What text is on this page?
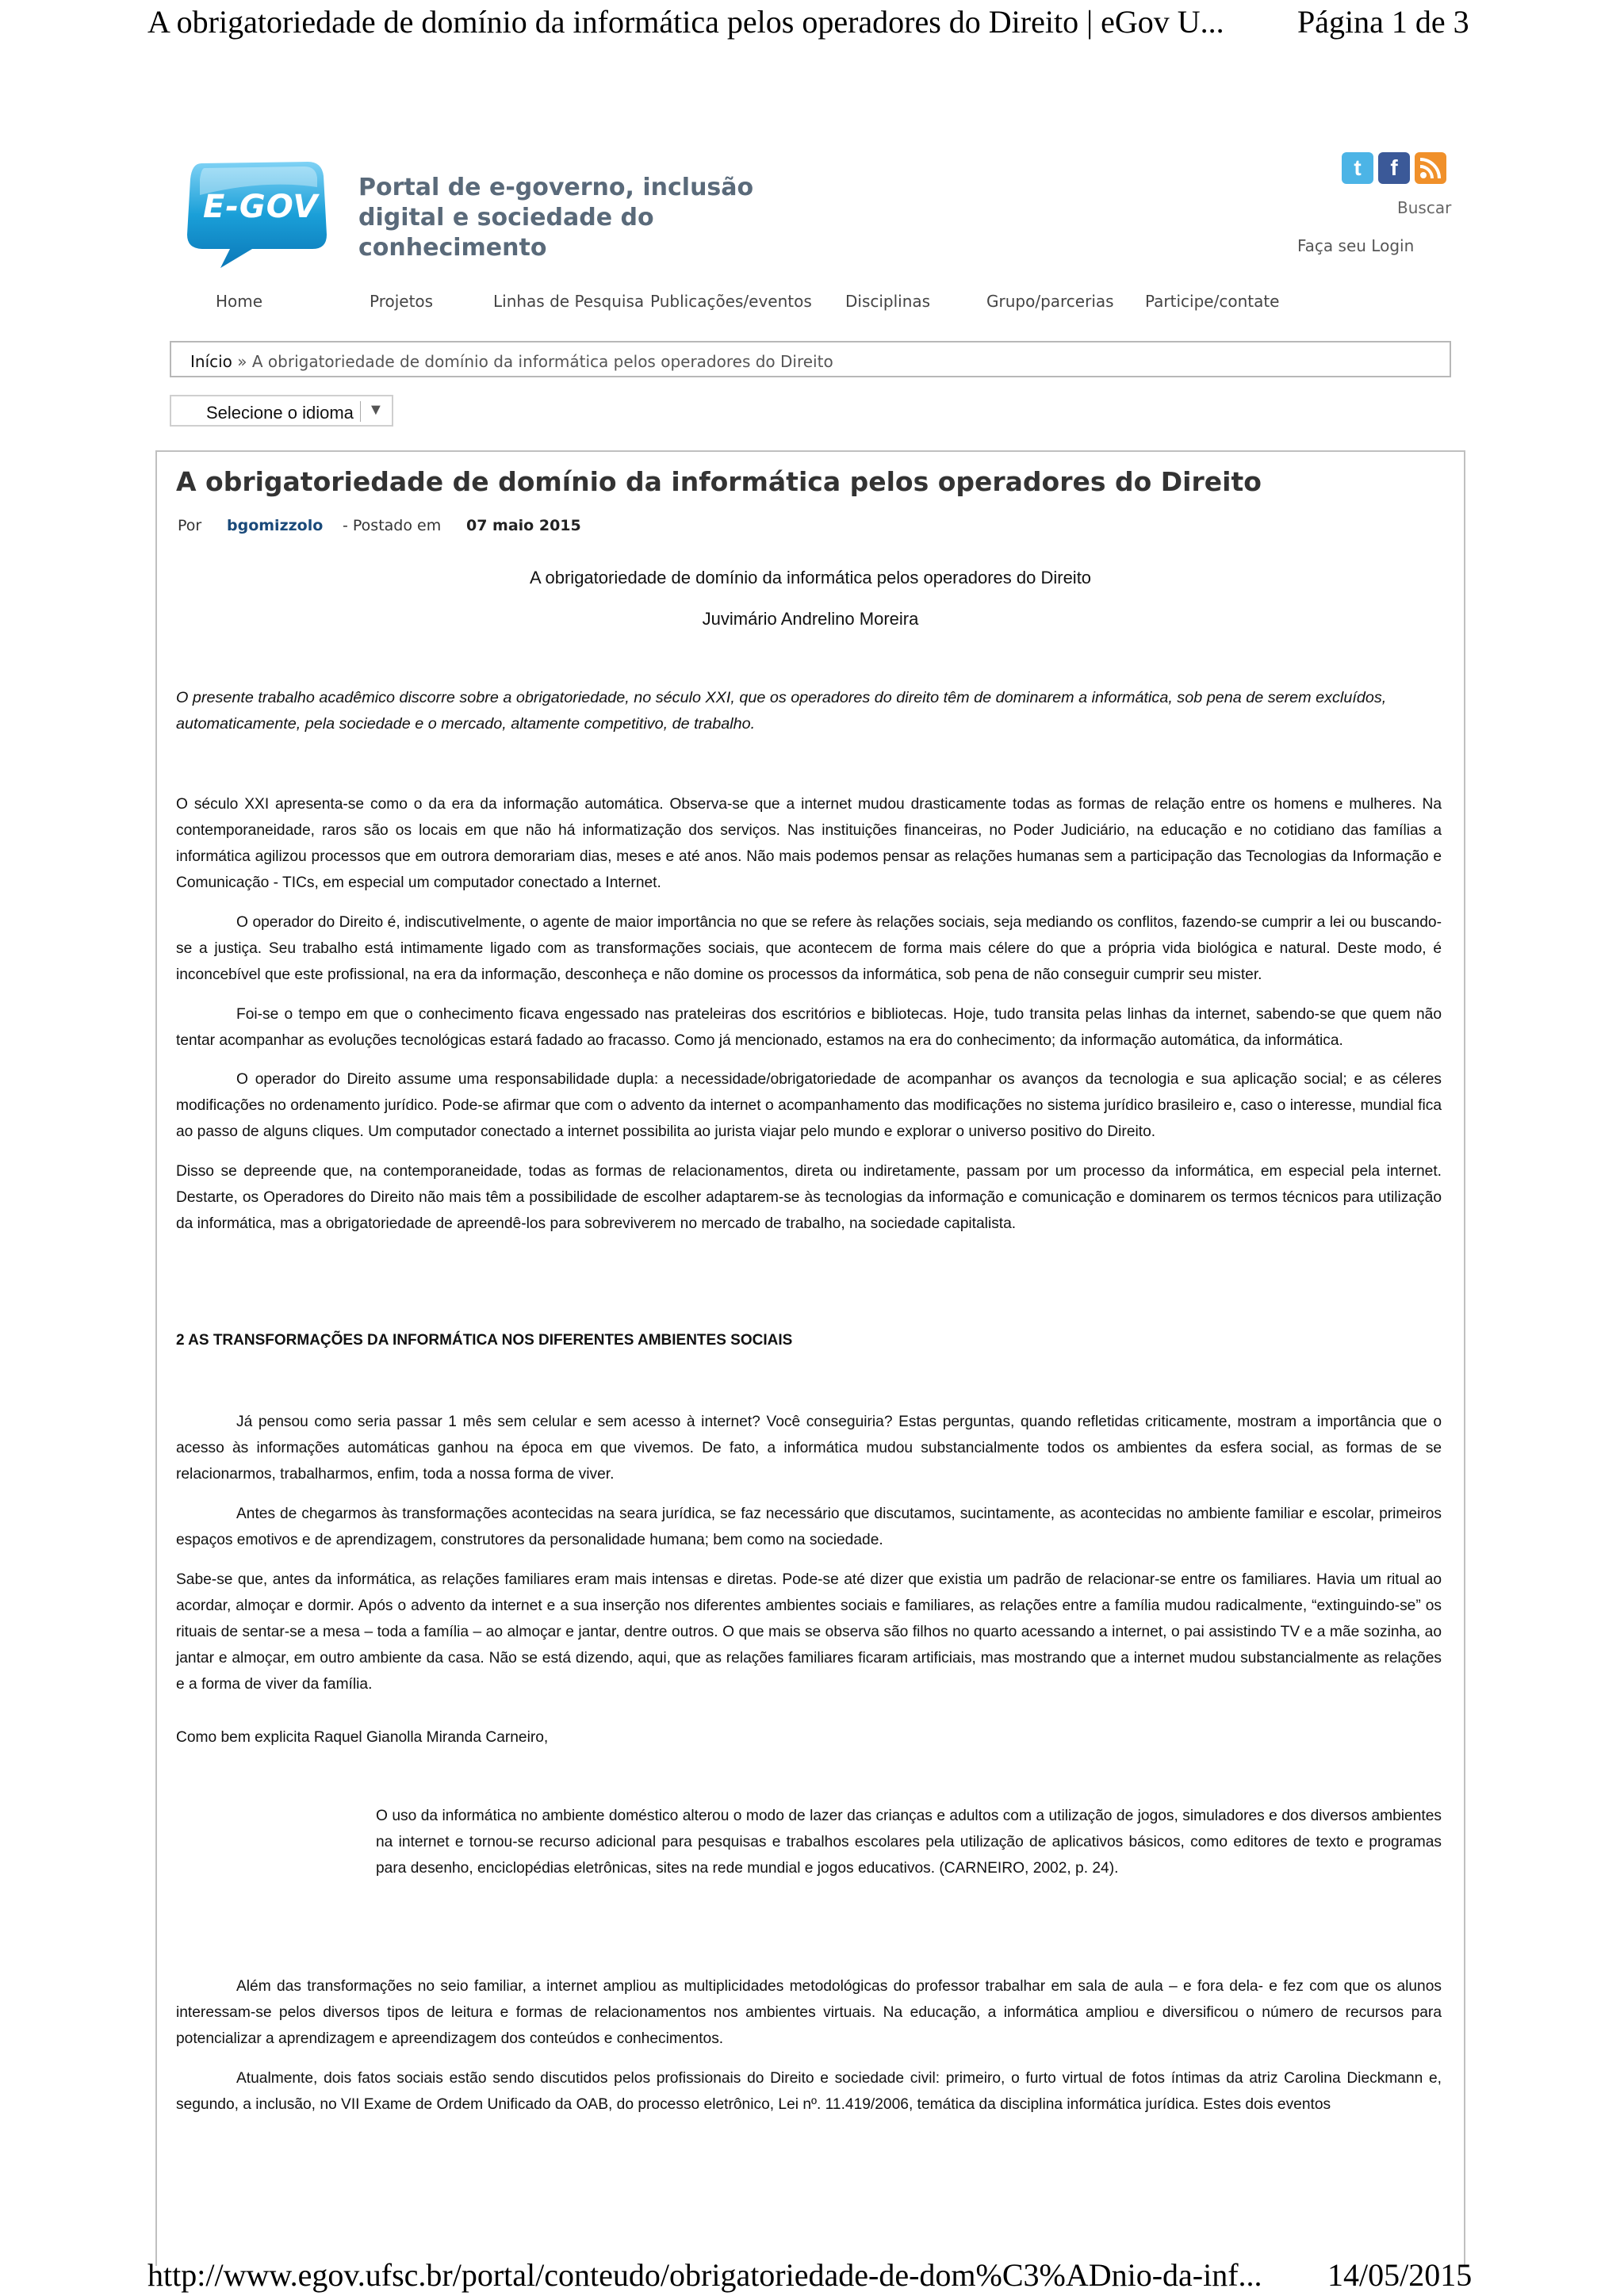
A obrigatoriedade de domínio da informática pelos operadores do Direito | eGov U... Página 1 de 3
E-GOV
Portal de e-governo, inclusão digital e sociedade do conhecimento
t	f
Buscar
Faça seu Login
Home	Projetos	Linhas de Pesquisa Publicações/eventos Disciplinas	Grupo/parcerias Participe/contate
Início » A obrigatoriedade de domínio da informática pelos operadores do Direito
Selecione o idioma ▼
A obrigatoriedade de domínio da informática pelos operadores do Direito
Por bgomizzolo - Postado em 07 maio 2015
A obrigatoriedade de domínio da informática pelos operadores do Direito
Juvimário Andrelino Moreira

O presente trabalho acadêmico discorre sobre a obrigatoriedade, no século XXI, que os operadores do direito têm de dominarem a informática, sob pena de serem excluídos, automaticamente, pela sociedade e o mercado, altamente competitivo, de trabalho.

O século XXI apresenta-se como o da era da informação automática. Observa-se que a internet mudou drasticamente todas as formas de relação entre os homens e mulheres. Na contemporaneidade, raros são os locais em que não há informatização dos serviços. Nas instituições financeiras, no Poder Judiciário, na educação e no cotidiano das famílias a informática agilizou processos que em outrora demorariam dias, meses e até anos. Não mais podemos pensar as relações humanas sem a participação das Tecnologias da Informação e Comunicação - TICs, em especial um computador conectado a Internet.

O operador do Direito é, indiscutivelmente, o agente de maior importância no que se refere às relações sociais, seja mediando os conflitos, fazendo-se cumprir a lei ou buscando-se a justiça. Seu trabalho está intimamente ligado com as transformações sociais, que acontecem de forma mais célere do que a própria vida biológica e natural. Deste modo, é inconcebível que este profissional, na era da informação, desconheça e não domine os processos da informática, sob pena de não conseguir cumprir seu mister.

Foi-se o tempo em que o conhecimento ficava engessado nas prateleiras dos escritórios e bibliotecas. Hoje, tudo transita pelas linhas da internet, sabendo-se que quem não tentar acompanhar as evoluções tecnológicas estará fadado ao fracasso. Como já mencionado, estamos na era do conhecimento; da informação automática, da informática.

O operador do Direito assume uma responsabilidade dupla: a necessidade/obrigatoriedade de acompanhar os avanços da tecnologia e sua aplicação social; e as céleres modificações no ordenamento jurídico. Pode-se afirmar que com o advento da internet o acompanhamento das modificações no sistema jurídico brasileiro e, caso o interesse, mundial fica ao passo de alguns cliques. Um computador conectado a internet possibilita ao jurista viajar pelo mundo e explorar o universo positivo do Direito.

Disso se depreende que, na contemporaneidade, todas as formas de relacionamentos, direta ou indiretamente, passam por um processo da informática, em especial pela internet. Destarte, os Operadores do Direito não mais têm a possibilidade de escolher adaptarem-se às tecnologias da informação e comunicação e dominarem os termos técnicos para utilização da informática, mas a obrigatoriedade de apreendê-los para sobreviverem no mercado de trabalho, na sociedade capitalista.

2 AS TRANSFORMAÇÕES DA INFORMÁTICA NOS DIFERENTES AMBIENTES SOCIAIS

Já pensou como seria passar 1 mês sem celular e sem acesso à internet? Você conseguiria? Estas perguntas, quando refletidas criticamente, mostram a importância que o acesso às informações automáticas ganhou na época em que vivemos. De fato, a informática mudou substancialmente todos os ambientes da esfera social, as formas de se relacionarmos, trabalharmos, enfim, toda a nossa forma de viver.

Antes de chegarmos às transformações acontecidas na seara jurídica, se faz necessário que discutamos, sucintamente, as acontecidas no ambiente familiar e escolar, primeiros espaços emotivos e de aprendizagem, construtores da personalidade humana; bem como na sociedade.

Sabe-se que, antes da informática, as relações familiares eram mais intensas e diretas. Pode-se até dizer que existia um padrão de relacionar-se entre os familiares. Havia um ritual ao acordar, almoçar e dormir. Após o advento da internet e a sua inserção nos diferentes ambientes sociais e familiares, as relações entre a família mudou radicalmente, “extinguindo-se” os rituais de sentar-se a mesa – toda a família – ao almoçar e jantar, dentre outros. O que mais se observa são filhos no quarto acessando a internet, o pai assistindo TV e a mãe sozinha, ao jantar e almoçar, em outro ambiente da casa. Não se está dizendo, aqui, que as relações familiares ficaram artificiais, mas mostrando que a internet mudou substancialmente as relações e a forma de viver da família.

Como bem explicita Raquel Gianolla Miranda Carneiro,

O uso da informática no ambiente doméstico alterou o modo de lazer das crianças e adultos com a utilização de jogos, simuladores e dos diversos ambientes na internet e tornou-se recurso adicional para pesquisas e trabalhos escolares pela utilização de aplicativos básicos, como editores de texto e programas para desenho, enciclopédias eletrônicas, sites na rede mundial e jogos educativos. (CARNEIRO, 2002, p. 24).

Além das transformações no seio familiar, a internet ampliou as multiplicidades metodológicas do professor trabalhar em sala de aula – e fora dela- e fez com que os alunos interessam-se pelos diversos tipos de leitura e formas de relacionamentos nos ambientes virtuais. Na educação, a informática ampliou e diversificou o número de recursos para potencializar a aprendizagem e apreendizagem dos conteúdos e conhecimentos.

Atualmente, dois fatos sociais estão sendo discutidos pelos profissionais do Direito e sociedade civil: primeiro, o furto virtual de fotos íntimas da atriz Carolina Dieckmann e, segundo, a inclusão, no VII Exame de Ordem Unificado da OAB, do processo eletrônico, Lei nº. 11.419/2006, temática da disciplina informática jurídica. Estes dois eventos

http://www.egov.ufsc.br/portal/conteudo/obrigatoriedade-de-dom%C3%ADnio-da-inf... 14/05/2015
